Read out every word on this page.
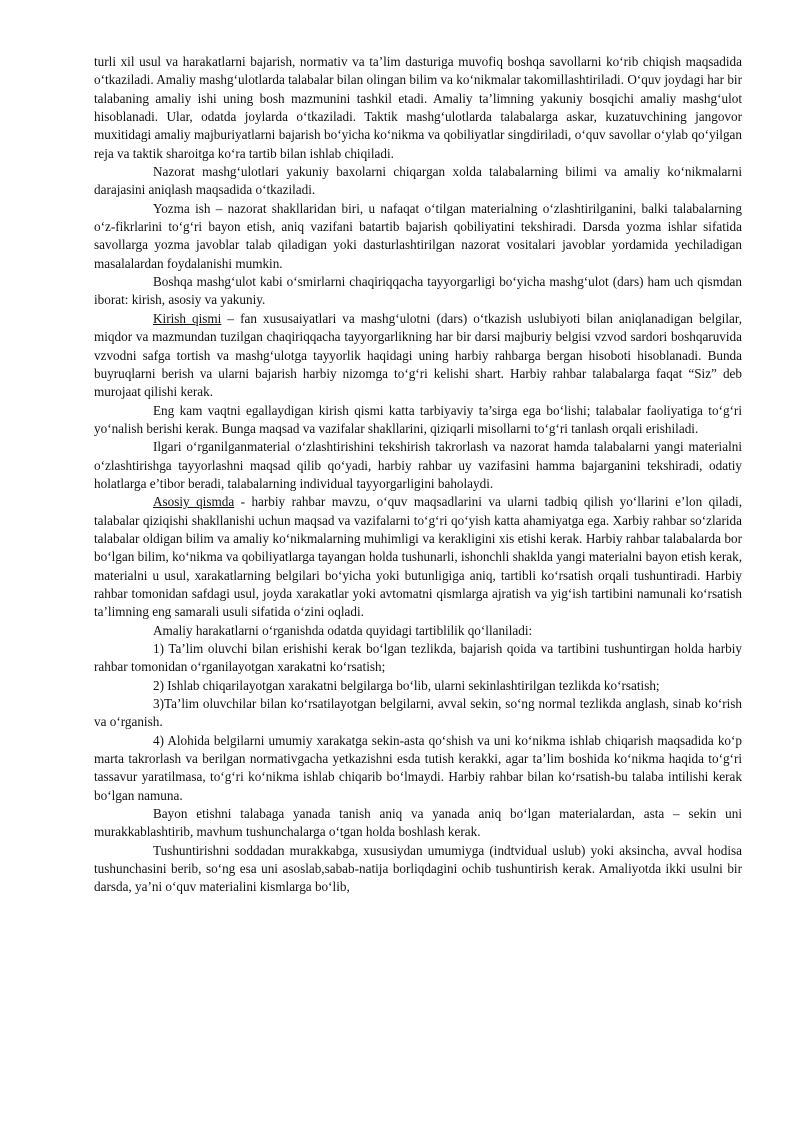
turli xil usul va harakatlarni bajarish, normativ va ta’lim dasturiga muvofiq boshqa savollarni ko‘rib chiqish maqsadida o‘tkaziladi. Amaliy mashg‘ulotlarda talabalar bilan olingan bilim va ko‘nikmalar takomillashtiriladi. O‘quv joydagi har bir talabaning amaliy ishi uning bosh mazmunini tashkil etadi. Amaliy ta’limning yakuniy bosqichi amaliy mashg‘ulot hisoblanadi. Ular, odatda joylarda o‘tkaziladi. Taktik mashg‘ulotlarda talabalarga askar, kuzatuvchining jangovor muxitidagi amaliy majburiyatlarni bajarish bo‘yicha ko‘nikma va qobiliyatlar singdiriladi, o‘quv savollar o‘ylab qo‘yilgan reja va taktik sharoitga ko‘ra tartib bilan ishlab chiqiladi.

Nazorat mashg‘ulotlari yakuniy baxolarni chiqargan xolda talabalarning bilimi va amaliy ko‘nikmalarni darajasini aniqlash maqsadida o‘tkaziladi.

Yozma ish – nazorat shakllaridan biri, u nafaqat o‘tilgan materialning o‘zlashtirilganini, balki talabalarning o‘z-fikrlarini to‘g‘ri bayon etish, aniq vazifani batartib bajarish qobiliyatini tekshiradi. Darsda yozma ishlar sifatida savollarga yozma javoblar talab qiladigan yoki dasturlashtirilgan nazorat vositalari javoblar yordamida yechiladigan masalalardan foydalanishi mumkin.

Boshqa mashg‘ulot kabi o‘smirlarni chaqiriqqacha tayyorgarligi bo‘yicha mashg‘ulot (dars) ham uch qismdan iborat: kirish, asosiy va yakuniy.

Kirish qismi – fan xususaiyatlari va mashg‘ulotni (dars) o‘tkazish uslubiyoti bilan aniqlanadigan belgilar, miqdor va mazmundan tuzilgan chaqiriqqacha tayyorgarlikning har bir darsi majburiy belgisi vzvod sardori boshqaruvida vzvodni safga tortish va mashg‘ulotga tayyorlik haqidagi uning harbiy rahbarga bergan hisoboti hisoblanadi. Bunda buyruqlarni berish va ularni bajarish harbiy nizomga to‘g‘ri kelishi shart. Harbiy rahbar talabalarga faqat “Siz” deb murojaat qilishi kerak.

Eng kam vaqtni egallaydigan kirish qismi katta tarbiyaviy ta’sirga ega bo‘lishi; talabalar faoliyatiga to‘g‘ri yo‘nalish berishi kerak. Bunga maqsad va vazifalar shakllarini, qiziqarli misollarni to‘g‘ri tanlash orqali erishiladi.

Ilgari o‘rganilganmaterial o‘zlashtirishini tekshirish takrorlash va nazorat hamda talabalarni yangi materialni o‘zlashtirishga tayyorlashni maqsad qilib qo‘yadi, harbiy rahbar uy vazifasini hamma bajarganini tekshiradi, odatiy holatlarga e’tibor beradi, talabalarning individual tayyorgarligini baholaydi.

Asosiy qismda - harbiy rahbar mavzu, o‘quv maqsadlarini va ularni tadbiq qilish yo‘llarini e’lon qiladi, talabalar qiziqishi shakllanishi uchun maqsad va vazifalarni to‘g‘ri qo‘yish katta ahamiyatga ega. Xarbiy rahbar so‘zlarida talabalar oldigan bilim va amaliy ko‘nikmalarning muhimligi va kerakligini xis etishi kerak. Harbiy rahbar talabalarda bor bo‘lgan bilim, ko‘nikma va qobiliyatlarga tayangan holda tushunarli, ishonchli shaklda yangi materialni bayon etish kerak, materialni u usul, xarakatlarning belgilari bo‘yicha yoki butunligiga aniq, tartibli ko‘rsatish orqali tushuntiradi. Harbiy rahbar tomonidan safdagi usul, joyda xarakatlar yoki avtomatni qismlarga ajratish va yig‘ish tartibini namunali ko‘rsatish ta’limning eng samarali usuli sifatida o‘zini oqladi.

Amaliy harakatlarni o‘rganishda odatda quyidagi tartiblilik qo‘llaniladi:

1) Ta’lim oluvchi bilan erishishi kerak bo‘lgan tezlikda, bajarish qoida va tartibini tushuntirgan holda harbiy rahbar tomonidan o‘rganilayotgan xarakatni ko‘rsatish;

2) Ishlab chiqarilayotgan xarakatni belgilarga bo‘lib, ularni sekinlashtirilgan tezlikda ko‘rsatish;

3)Ta’lim oluvchilar bilan ko‘rsatilayotgan belgilarni, avval sekin, so‘ng normal tezlikda anglash, sinab ko‘rish va o‘rganish.

4) Alohida belgilarni umumiy xarakatga sekin-asta qo‘shish va uni ko‘nikma ishlab chiqarish maqsadida ko‘p marta takrorlash va berilgan normativgacha yetkazishni esda tutish kerakki, agar ta’lim boshida ko‘nikma haqida to‘g‘ri tassavur yaratilmasa, to‘g‘ri ko‘nikma ishlab chiqarib bo‘lmaydi. Harbiy rahbar bilan ko‘rsatish-bu talaba intilishi kerak bo‘lgan namuna.

Bayon etishni talabaga yanada tanish aniq va yanada aniq bo‘lgan materialardan, asta – sekin uni murakkablashtirib, mavhum tushunchalarga o‘tgan holda boshlash kerak.

Tushuntirishni soddadan murakkabga, xususiydan umumiyga (indtvidual uslub) yoki aksincha, avval hodisa tushunchasini berib, so‘ng esa uni asoslab,sabab-natija borliqdagini ochib tushuntirish kerak. Amaliyotda ikki usulni bir darsda, ya’ni o‘quv materialini kismlarga bo‘lib,
